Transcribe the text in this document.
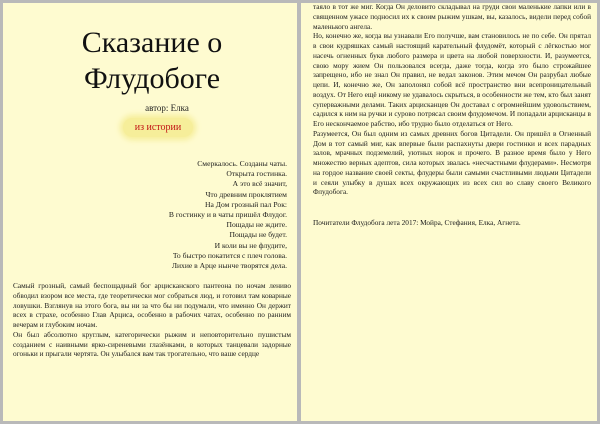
Сказание о
Флудобоге
автор: Елка
из истории
Смеркалось. Созданы чаты.
Открыта гостинка.
А это всё значит,
Что древним проклятием
На Дом грозный пал Рок:
В гостинку и в чаты пришёл Флудог.
Пощады не ждите.
Пощады не будет.
И коли вы не флудите,
То быстро покатится с плеч голова.
Лихие в Арце нынче творятся дела.

Самый грозный, самый беспощадный бог арцисканского пантеона по ночам лениво обводил взором все места, где теоретически мог собраться люд, и готовил там коварные ловушки. Взглянув на этого бога, вы ни за что бы ни подумали, что именно Он держит всех в страхе, особенно Глав Арциса, особенно в рабочих чатах, особенно по ранним вечерам и глубоким ночам.

Он был абсолютно круглым, категорически рыжим и неповторительно пушистым созданием с наивными ярко-сиреневыми глазёнками, в которых танцевали задорные огоньки и прыгали чертята. Он улыбался вам так трогательно, что ваше сердце

таяло в тот же миг. Когда Он деловито складывал на груди свои маленькие лапки или в священном ужасе подносил их к своим рыжим ушкам, вы, казалось, видели перед собой маленького ангела.

Но, конечно же, когда вы узнавали Его получше, вам становилось не по себе. Он прятал в свои кудряшках самый настоящий карательный флудомёт, который с лёгкостью мог насечь огненных букв любого размера и цвета на любой поверхности. И, разумеется, свою мору жием Он пользовался всегда, даже тогда, когда это было строжайшее запрещено, ибо не знал Он правил, не ведал законов. Этим мечом Он разрубал любые цепи. И, конечно же, Он заполонял собой всё пространство вни всепроницательный воздух. От Него ещё никому не удавалось скрыться, в особенности же тем, кто был занят суперважными делами. Таких арцисканцев Он доставал с огромнейшим удовольствием, садился к ним на ручки и сурово потрясал своим флудомечом. И попадали арцисканцы в Его нескончаемое рабство, ибо трудно было отделаться от Него.

Разумеется, Он был одним из самых древних богов Цитадели. Он пришёл в Огненный Дом в тот самый миг, как впервые были распахнуты двери гостинки и всех парадных залов, мрачных подземелий, уютных норок и прочего. В разное время было у Него множество верных адептов, сила которых звалась «несчастными флудерами». Несмотря на гордое название своей секты, флудеры были самыми счастливыми людьми Цитадели и сеяли улыбку в душах всех окружающих из всех сил во славу своего Великого Флудобога.

Почитатели Флудобога лета 2017: Мойра, Стефания, Елка, Агнета.
